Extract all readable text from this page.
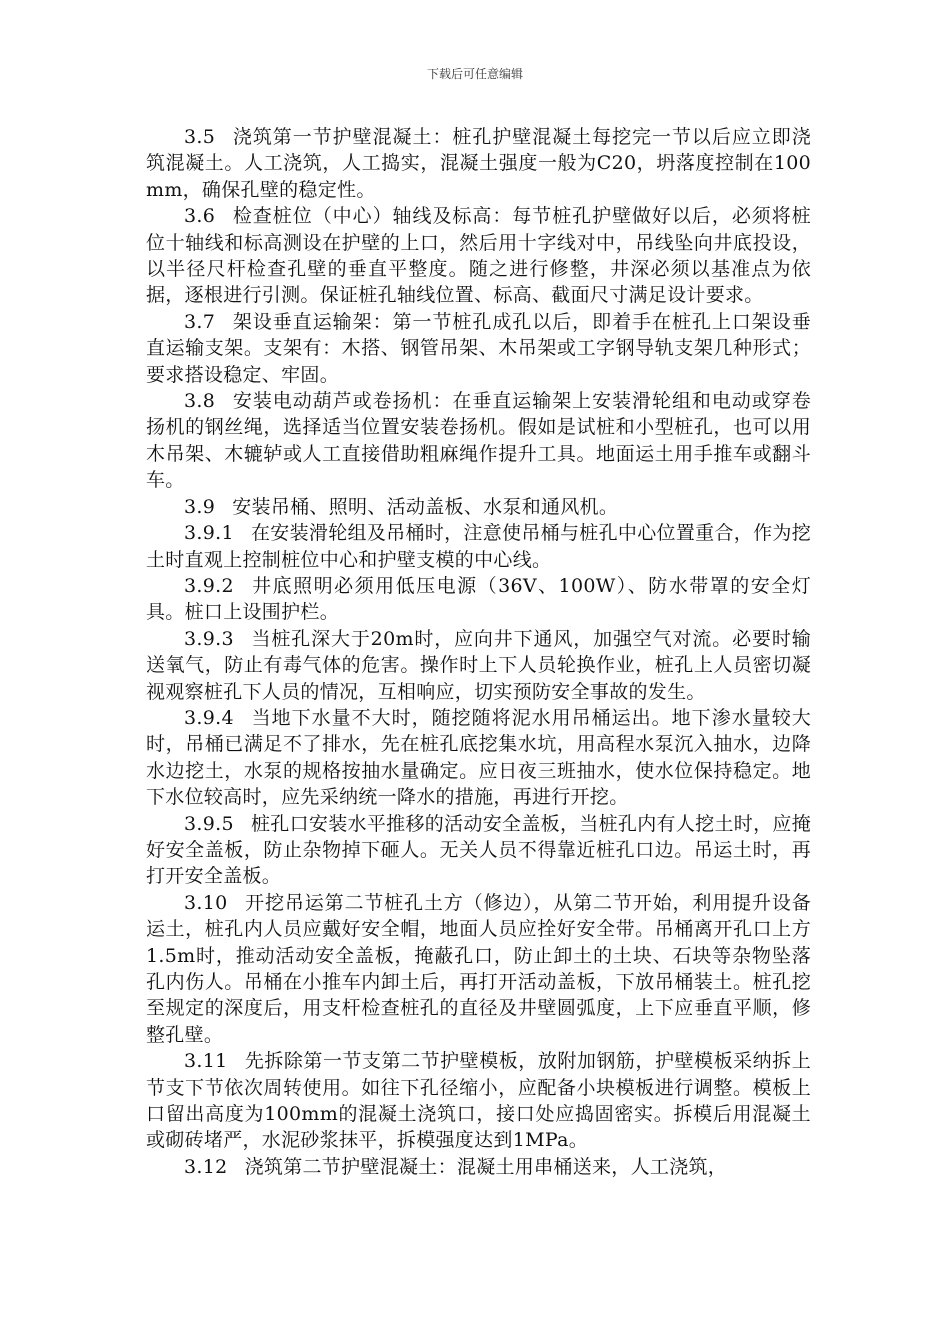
下载后可任意编辑

3.5 浇筑第一节护壁混凝土：桩孔护壁混凝土每挖完一节以后应立即浇筑混凝土。人工浇筑，人工捣实，混凝土强度一般为C20，坍落度控制在100mm，确保孔壁的稳定性。

3.6 检查桩位（中心）轴线及标高：每节桩孔护壁做好以后，必须将桩位十轴线和标高测设在护壁的上口，然后用十字线对中，吊线坠向井底投设，以半径尺杆检查孔壁的垂直平整度。随之进行修整，井深必须以基准点为依据，逐根进行引测。保证桩孔轴线位置、标高、截面尺寸满足设计要求。

3.7 架设垂直运输架：第一节桩孔成孔以后，即着手在桩孔上口架设垂直运输支架。支架有：木搭、钢管吊架、木吊架或工字钢导轨支架几种形式；要求搭设稳定、牢固。

3.8 安装电动葫芦或卷扬机：在垂直运输架上安装滑轮组和电动或穿卷扬机的钢丝绳，选择适当位置安装卷扬机。假如是试桩和小型桩孔，也可以用木吊架、木辘轳或人工直接借助粗麻绳作提升工具。地面运土用手推车或翻斗车。

3.9 安装吊桶、照明、活动盖板、水泵和通风机。

3.9.1 在安装滑轮组及吊桶时，注意使吊桶与桩孔中心位置重合，作为挖土时直观上控制桩位中心和护壁支模的中心线。

3.9.2 井底照明必须用低压电源（36V、100W）、防水带罩的安全灯具。桩口上设围护栏。

3.9.3 当桩孔深大于20m时，应向井下通风，加强空气对流。必要时输送氧气，防止有毒气体的危害。操作时上下人员轮换作业，桩孔上人员密切凝视观察桩孔下人员的情况，互相响应，切实预防安全事故的发生。

3.9.4 当地下水量不大时，随挖随将泥水用吊桶运出。地下渗水量较大时，吊桶已满足不了排水，先在桩孔底挖集水坑，用高程水泵沉入抽水，边降水边挖土，水泵的规格按抽水量确定。应日夜三班抽水，使水位保持稳定。地下水位较高时，应先采纳统一降水的措施，再进行开挖。

3.9.5 桩孔口安装水平推移的活动安全盖板，当桩孔内有人挖土时，应掩好安全盖板，防止杂物掉下砸人。无关人员不得靠近桩孔口边。吊运土时，再打开安全盖板。

3.10 开挖吊运第二节桩孔土方（修边），从第二节开始，利用提升设备运土，桩孔内人员应戴好安全帽，地面人员应拴好安全带。吊桶离开孔口上方1.5m时，推动活动安全盖板，掩蔽孔口，防止卸土的土块、石块等杂物坠落孔内伤人。吊桶在小推车内卸土后，再打开活动盖板，下放吊桶装土。桩孔挖至规定的深度后，用支杆检查桩孔的直径及井壁圆弧度，上下应垂直平顺，修整孔壁。

3.11 先拆除第一节支第二节护壁模板，放附加钢筋，护壁模板采纳拆上节支下节依次周转使用。如往下孔径缩小，应配备小块模板进行调整。模板上口留出高度为100mm的混凝土浇筑口，接口处应捣固密实。拆模后用混凝土或砌砖堵严，水泥砂浆抹平，拆模强度达到1MPa。

3.12 浇筑第二节护壁混凝土：混凝土用串桶送来，人工浇筑，
